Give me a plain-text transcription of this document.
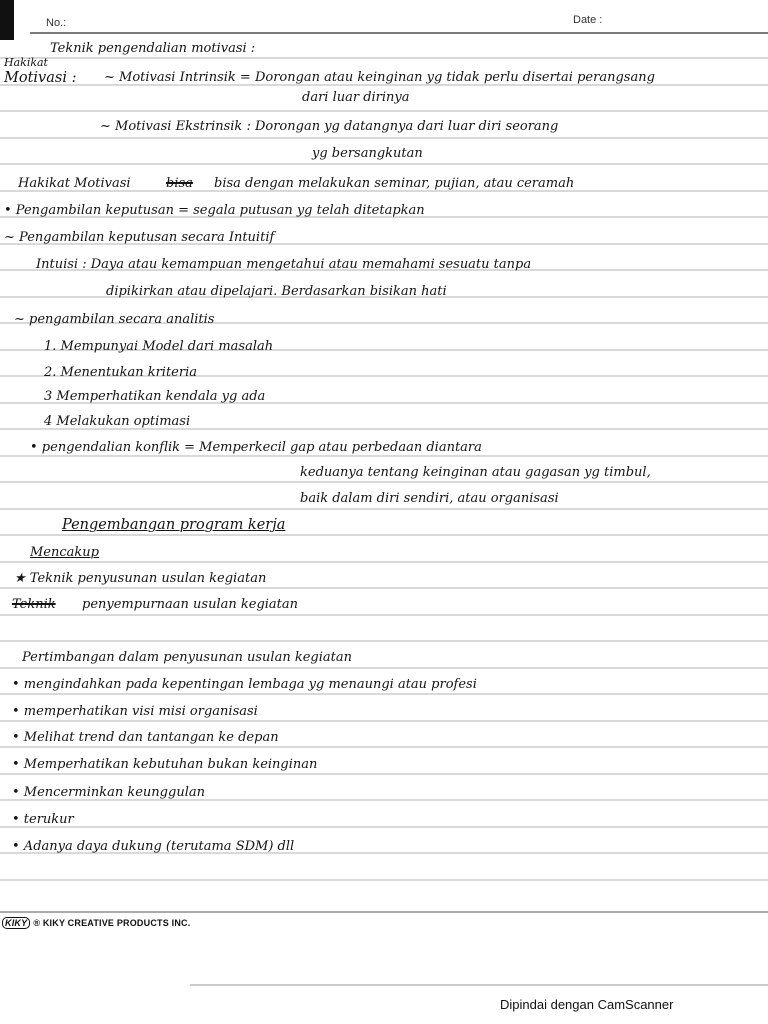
No.:	Date :
Teknik pengendalian motivasi :
Hakikat
Motivasi : ~ Motivasi Intrinsik = Dorongan atau keinginan yg tidak perlu disertai perangsang
dari luar dirinya
~ Motivasi Ekstrinsik : Dorongan yg datangnya dari luar diri seorang
yg bersangkutan
Hakikat Motivasi	bisa bisa dengan melakukan seminar, pujian, atau ceramah
• Pengambilan keputusan = segala putusan yg telah ditetapkan
~ Pengambilan keputusan secara Intuitif
Intuisi : Daya atau kemampuan mengetahui atau memahami sesuatu tanpa
dipikirkan atau dipelajari. Berdasarkan bisikan hati
~ pengambilan secara analitis
1. Mempunyai Model dari masalah
2. Menentukan kriteria
3 Memperhatikan kendala yg ada
4 Melakukan optimasi
• pengendalian konflik = Memperkecil gap atau perbedaan diantara
keduanya tentang keinginan atau gagasan yg timbul,
baik dalam diri sendiri, atau organisasi
Pengembangan program kerja
Mencakup
★ Teknik penyusunan usulan kegiatan
Teknik penyempurnaan usulan kegiatan
Pertimbangan dalam penyusunan usulan kegiatan
• mengindahkan pada kepentingan lembaga yg menaungi atau profesi
• memperhatikan visi misi organisasi
• Melihat trend dan tantangan ke depan
• Memperhatikan kebutuhan bukan keinginan
• Mencerminkan keunggulan
• terukur
• Adanya daya dukung (terutama SDM) dll
KIKY ® KIKY CREATIVE PRODUCTS INC.
Dipindai dengan CamScanner
